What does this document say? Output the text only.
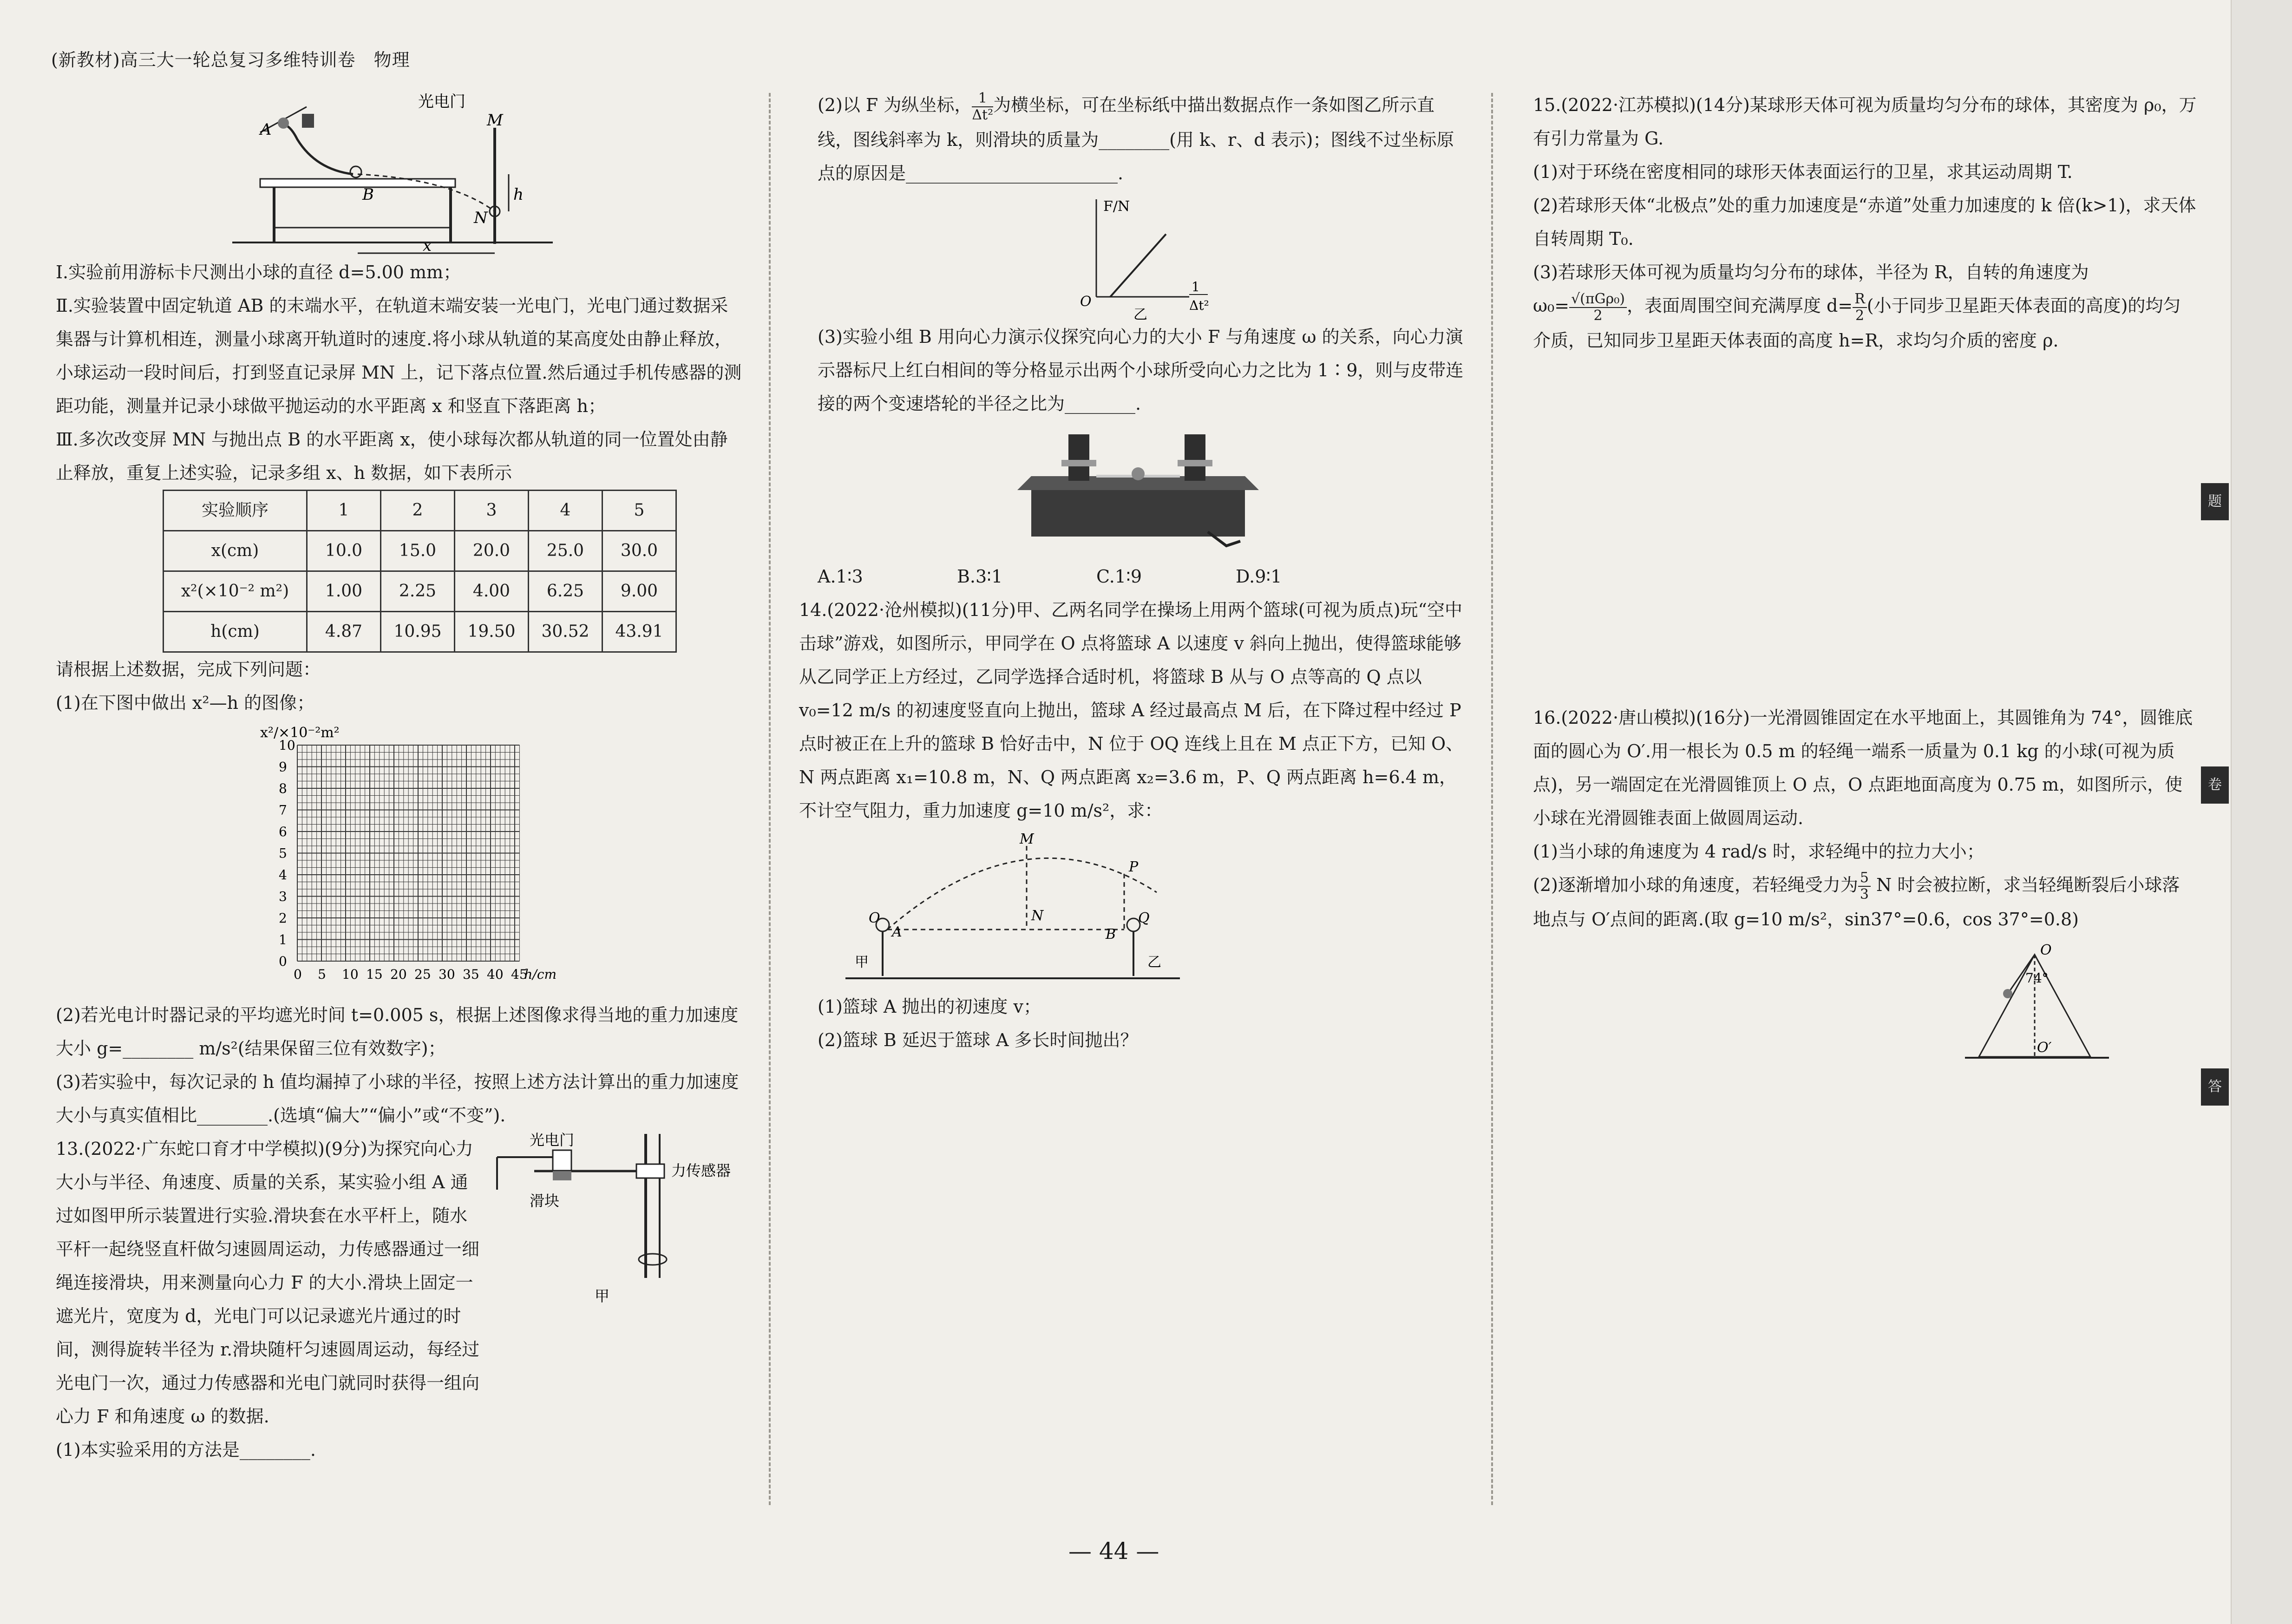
(新教材)高三大一轮总复习多维特训卷　物理
光电门
A
B
M
N
h
x

Ⅰ.实验前用游标卡尺测出小球的直径 d=5.00 mm；

Ⅱ.实验装置中固定轨道 AB 的末端水平，在轨道末端安装一光电门，光电门通过数据采集器与计算机相连，测量小球离开轨道时的速度.将小球从轨道的某高度处由静止释放，小球运动一段时间后，打到竖直记录屏 MN 上，记下落点位置.然后通过手机传感器的测距功能，测量并记录小球做平抛运动的水平距离 x 和竖直下落距离 h；

Ⅲ.多次改变屏 MN 与抛出点 B 的水平距离 x，使小球每次都从轨道的同一位置处由静止释放，重复上述实验，记录多组 x、h 数据，如下表所示

实验顺序	1	2	3	4	5
x(cm)	10.0	15.0	20.0	25.0	30.0
x²(×10⁻² m²)	1.00	2.25	4.00	6.25	9.00
h(cm)	4.87	10.95	19.50	30.52	43.91

请根据上述数据，完成下列问题：

(1)在下图中做出 x²—h 的图像；

x²/×10⁻²m²
10
9
8
7
6
5
4
3
2
1
0
0 5 10 15 20 25 30 35 40 45
h/cm

(2)若光电计时器记录的平均遮光时间 t=0.005 s，根据上述图像求得当地的重力加速度大小 g=________ m/s²(结果保留三位有效数字)；

(3)若实验中，每次记录的 h 值均漏掉了小球的半径，按照上述方法计算出的重力加速度大小与真实值相比________.(选填“偏大”“偏小”或“不变”).

13.(2022·广东蛇口育才中学模拟)(9分)为探究向心力大小与半径、角速度、质量的关系，某实验小组 A 通过如图甲所示装置进行实验.滑块套在水平杆上，随水平杆一起绕竖直杆做匀速圆周运动，力传感器通过一细绳连接滑块，用来测量向心力 F 的大小.滑块上固定一遮光片，宽度为 d，光电门可以记录遮光片通过的时间，测得旋转半径为 r.滑块随杆匀速圆周运动，每经过光电门一次，通过力传感器和光电门就同时获得一组向心力 F 和角速度 ω 的数据.

光电门
力传感器
滑块
甲

(1)本实验采用的方法是________.

(2)以 F 为纵坐标， $\frac{1}{\text{Δt²}}$ 为横坐标，可在坐标纸中描出数据点作一条如图乙所示直线，图线斜率为 k，则滑块的质量为________(用 k、r、d 表示)；图线不过坐标原点的原因是________________________.

F/N
O
1
Δt²
乙

(3)实验小组 B 用向心力演示仪探究向心力的大小 F 与角速度 ω 的关系，向心力演示器标尺上红白相间的等分格显示出两个小球所受向心力之比为 1∶9，则与皮带连接的两个变速塔轮的半径之比为________.

A.1∶3	B.3∶1	C.1∶9	D.9∶1

14.(2022·沧州模拟)(11分)甲、乙两名同学在操场上用两个篮球(可视为质点)玩“空中击球”游戏，如图所示，甲同学在 O 点将篮球 A 以速度 v 斜向上抛出，使得篮球能够从乙同学正上方经过，乙同学选择合适时机，将篮球 B 从与 O 点等高的 Q 点以 v₀=12 m/s 的初速度竖直向上抛出，篮球 A 经过最高点 M 后，在下降过程中经过 P 点时被正在上升的篮球 B 恰好击中，N 位于 OQ 连线上且在 M 点正下方，已知 O、N 两点距离 x₁=10.8 m，N、Q 两点距离 x₂=3.6 m，P、Q 两点距离 h=6.4 m，不计空气阻力，重力加速度 g=10 m/s²，求：

M
P
O
A
N
B
Q
甲	乙

(1)篮球 A 抛出的初速度 v；

(2)篮球 B 延迟于篮球 A 多长时间抛出？

15.(2022·江苏模拟)(14分)某球形天体可视为质量均匀分布的球体，其密度为 ρ₀，万有引力常量为 G.

(1)对于环绕在密度相同的球形天体表面运行的卫星，求其运动周期 T.

(2)若球形天体“北极点”处的重力加速度是“赤道”处重力加速度的 k 倍(k>1)，求天体自转周期 T₀.

(3)若球形天体可视为质量均匀分布的球体，半径为 R，自转的角速度为
$\omega_0= \frac{\text{√(πGρ₀)}}{2}$ ，表面周围空间充满厚度 $d= \frac{R}{2}$ (小于同步卫星距天体表面的高度)的均匀介质，已知同步卫星距天体表面的高度 h=R，求均匀介质的密度 ρ.

16.(2022·唐山模拟)(16分)一光滑圆锥固定在水平地面上，其圆锥角为 74°，圆锥底面的圆心为 O′.用一根长为 0.5 m 的轻绳一端系一质量为 0.1 kg 的小球(可视为质点)，另一端固定在光滑圆锥顶上 O 点，O 点距地面高度为 0.75 m，如图所示，使小球在光滑圆锥表面上做圆周运动.

(1)当小球的角速度为 4 rad/s 时，求轻绳中的拉力大小；

(2)逐渐增加小球的角速度，若轻绳受力为 $\frac{5}{3}$ N 时会被拉断，求当轻绳断裂后小球落地点与 O′点间的距离.(取 g=10 m/s²，sin37°=0.6，cos 37°=0.8)

O
74°
O′
题
卷
答
— 44 —
